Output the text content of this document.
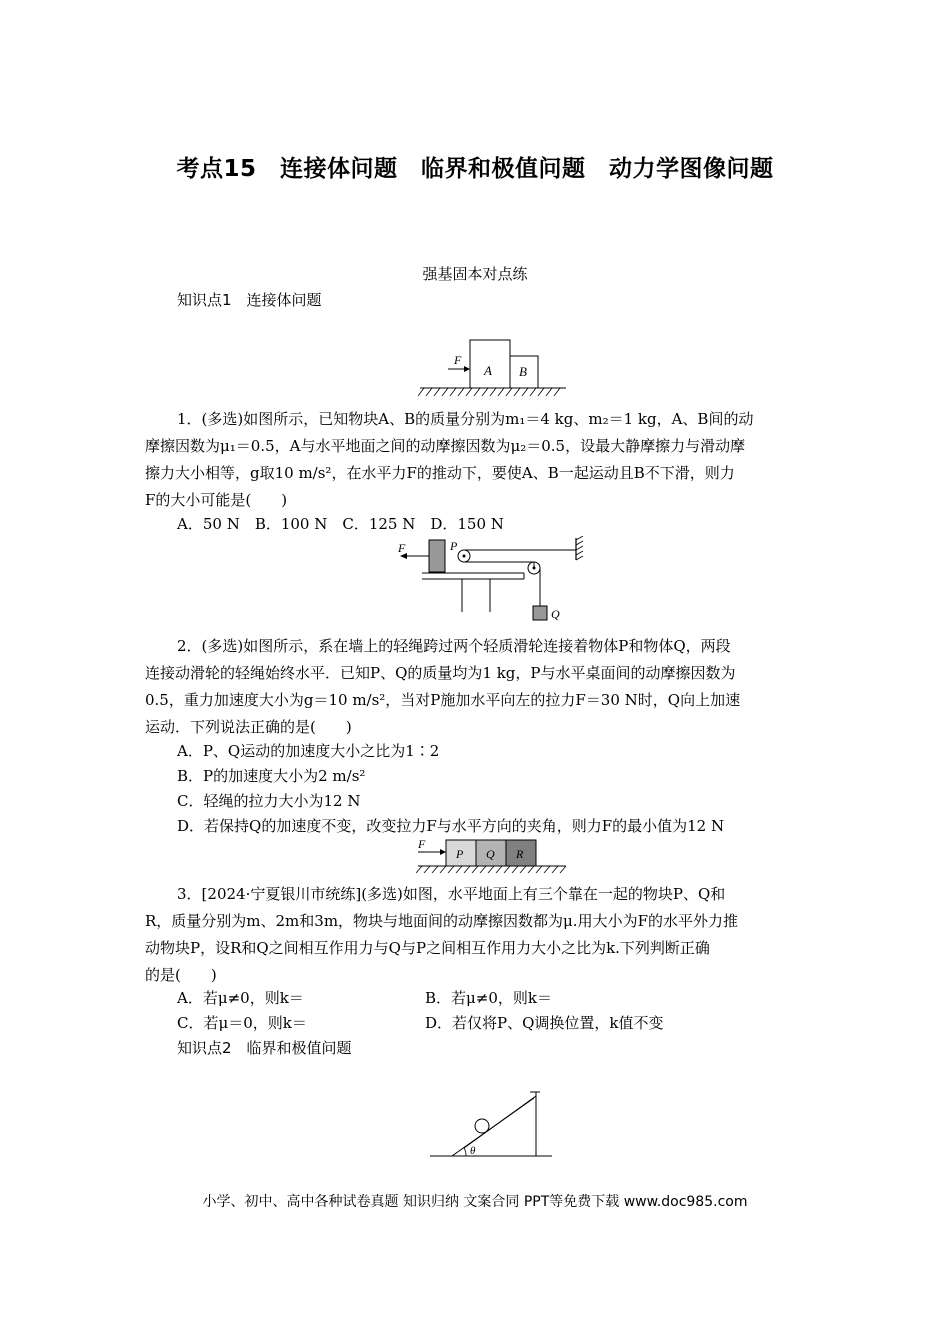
考点15　连接体问题　临界和极值问题　动力学图像问题
强基固本对点练
知识点1　连接体问题
F
A B
1．(多选)如图所示，已知物块A、B的质量分别为m₁＝4 kg、m₂＝1 kg，A、B间的动
摩擦因数为μ₁＝0.5，A与水平地面之间的动摩擦因数为μ₂＝0.5，设最大静摩擦力与滑动摩
擦力大小相等，g取10 m/s²，在水平力F的推动下，要使A、B一起运动且B不下滑，则力
F的大小可能是(　　)
A．50 N　B．100 N　C．125 N　D．150 N
F	P
Q
2．(多选)如图所示，系在墙上的轻绳跨过两个轻质滑轮连接着物体P和物体Q，两段
连接动滑轮的轻绳始终水平．已知P、Q的质量均为1 kg，P与水平桌面间的动摩擦因数为
0.5，重力加速度大小为g＝10 m/s²，当对P施加水平向左的拉力F＝30 N时，Q向上加速
运动．下列说法正确的是(　　)
A．P、Q运动的加速度大小之比为1∶2
B．P的加速度大小为2 m/s²
C．轻绳的拉力大小为12 N
D．若保持Q的加速度不变，改变拉力F与水平方向的夹角，则力F的最小值为12 N
F
P Q R
3．[2024·宁夏银川市统练](多选)如图，水平地面上有三个靠在一起的物块P、Q和
R，质量分别为m、2m和3m，物块与地面间的动摩擦因数都为μ.用大小为F的水平外力推
动物块P，设R和Q之间相互作用力与Q与P之间相互作用力大小之比为k.下列判断正确
的是(　　)
A．若μ≠0，则k＝	B．若μ≠0，则k＝
C．若μ＝0，则k＝	D．若仅将P、Q调换位置，k值不变
知识点2　临界和极值问题
θ
小学、初中、高中各种试卷真题 知识归纳 文案合同 PPT等免费下载 www.doc985.com
